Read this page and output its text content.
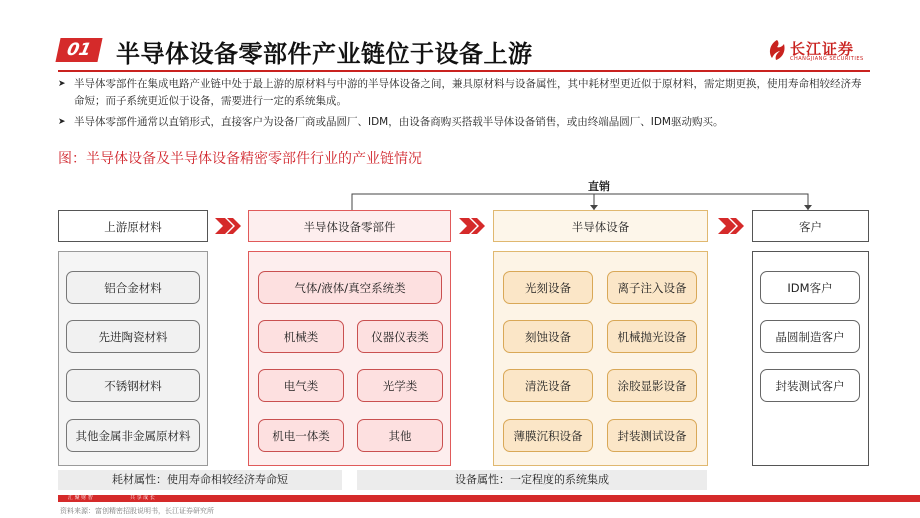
01 半导体设备零部件产业链位于设备上游	长江证券
CHANGJIANG SECURITIES
➤ 半导体零部件在集成电路产业链中处于最上游的原材料与中游的半导体设备之间，兼具原材料与设备属性，其中耗材型更近似于原材料，需定期更换，使用寿命相较经济寿命短；而子系统更近似于设备，需要进行一定的系统集成。
➤ 半导体零部件通常以直销形式，直接客户为设备厂商或晶圆厂、IDM，由设备商购买搭载半导体设备销售，或由终端晶圆厂、IDM驱动购买。
图：半导体设备及半导体设备精密零部件行业的产业链情况
直销
上游原材料	半导体设备零部件	半导体设备	客户
铝合金材料
先进陶瓷材料
不锈钢材料
其他金属非金属原材料
气体/液体/真空系统类
机械类	仪器仪表类
电气类	光学类
机电一体类	其他
光刻设备	离子注入设备
刻蚀设备	机械抛光设备
清洗设备	涂胶显影设备
薄膜沉积设备	封装测试设备
IDM客户
晶圆制造客户
封装测试客户
耗材属性：使用寿命相较经济寿命短	设备属性：一定程度的系统集成
汇 聚 财 智	共 享 成 长
资料来源：富创精密招股说明书，长江证券研究所
